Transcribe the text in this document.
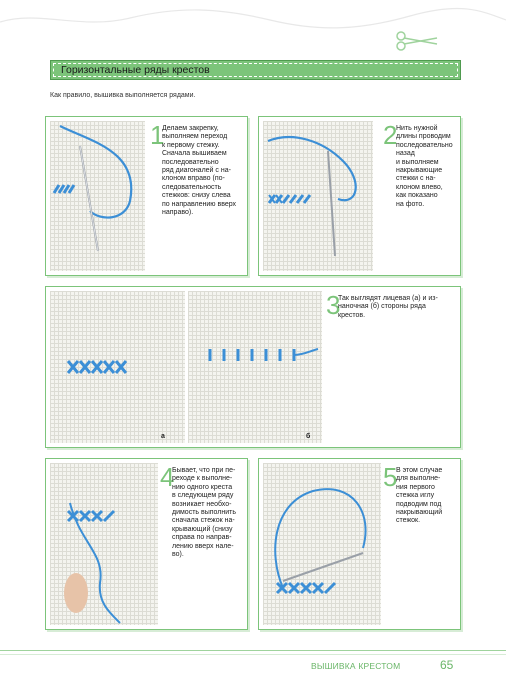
Горизонтальные ряды крестов
Как правило, вышивка выполняется рядами.
1
Делаем закрепку,
выполняем переход
к первому стежку.
Сначала вышиваем
последовательно
ряд диагоналей с на-
клоном вправо (по-
следовательность
стежков: снизу слева
по направлению вверх
направо).
2
Нить нужной
длины проводим
последовательно
назад
и выполняем
накрывающие
стежки с на-
клоном влево,
как показано
на фото.
а	б
3
Так выглядят лицевая (а) и из-
наночная (б) стороны ряда
крестов.
4
Бывает, что при пе-
реходе к выполне-
нию одного креста
в следующем ряду
возникает необхо-
димость выполнить
сначала стежок на-
крывающий (снизу
справа по направ-
лению вверх нале-
во).
5
В этом случае
для выполне-
ния первого
стежка иглу
подводим под
накрывающий
стежок.
ВЫШИВКА КРЕСТОМ	65
